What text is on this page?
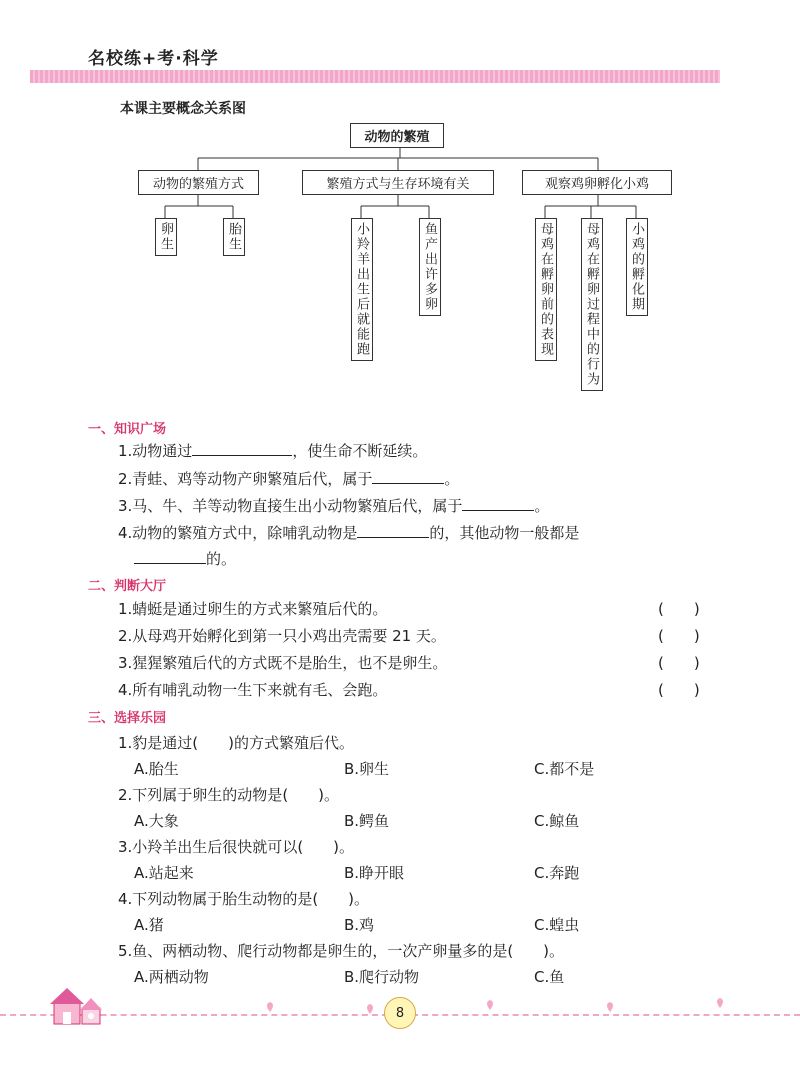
名校练+考·科学
本课主要概念关系图
动物的繁殖
动物的繁殖方式	繁殖方式与生存环境有关	观察鸡卵孵化小鸡
卵生	胎生	小羚羊出生后就能跑	鱼产出许多卵	母鸡在孵卵前的表现	母鸡在孵卵过程中的行为	小鸡的孵化期
一、知识广场
1.动物通过	，使生命不断延续。
2.青蛙、鸡等动物产卵繁殖后代，属于	。
3.马、牛、羊等动物直接生出小动物繁殖后代，属于	。
4.动物的繁殖方式中，除哺乳动物是	的，其他动物一般都是
的。
二、判断大厅
1.蜻蜓是通过卵生的方式来繁殖后代的。	(　　)
2.从母鸡开始孵化到第一只小鸡出壳需要 21 天。	(　　)
3.猩猩繁殖后代的方式既不是胎生，也不是卵生。	(　　)
4.所有哺乳动物一生下来就有毛、会跑。	(　　)
三、选择乐园
1.豹是通过(　　)的方式繁殖后代。
A.胎生	B.卵生	C.都不是
2.下列属于卵生的动物是(　　)。
A.大象	B.鳄鱼	C.鲸鱼
3.小羚羊出生后很快就可以(　　)。
A.站起来	B.睁开眼	C.奔跑
4.下列动物属于胎生动物的是(　　)。
A.猪	B.鸡	C.蝗虫
5.鱼、两栖动物、爬行动物都是卵生的，一次产卵量多的是(　　)。
A.两栖动物	B.爬行动物	C.鱼
8
